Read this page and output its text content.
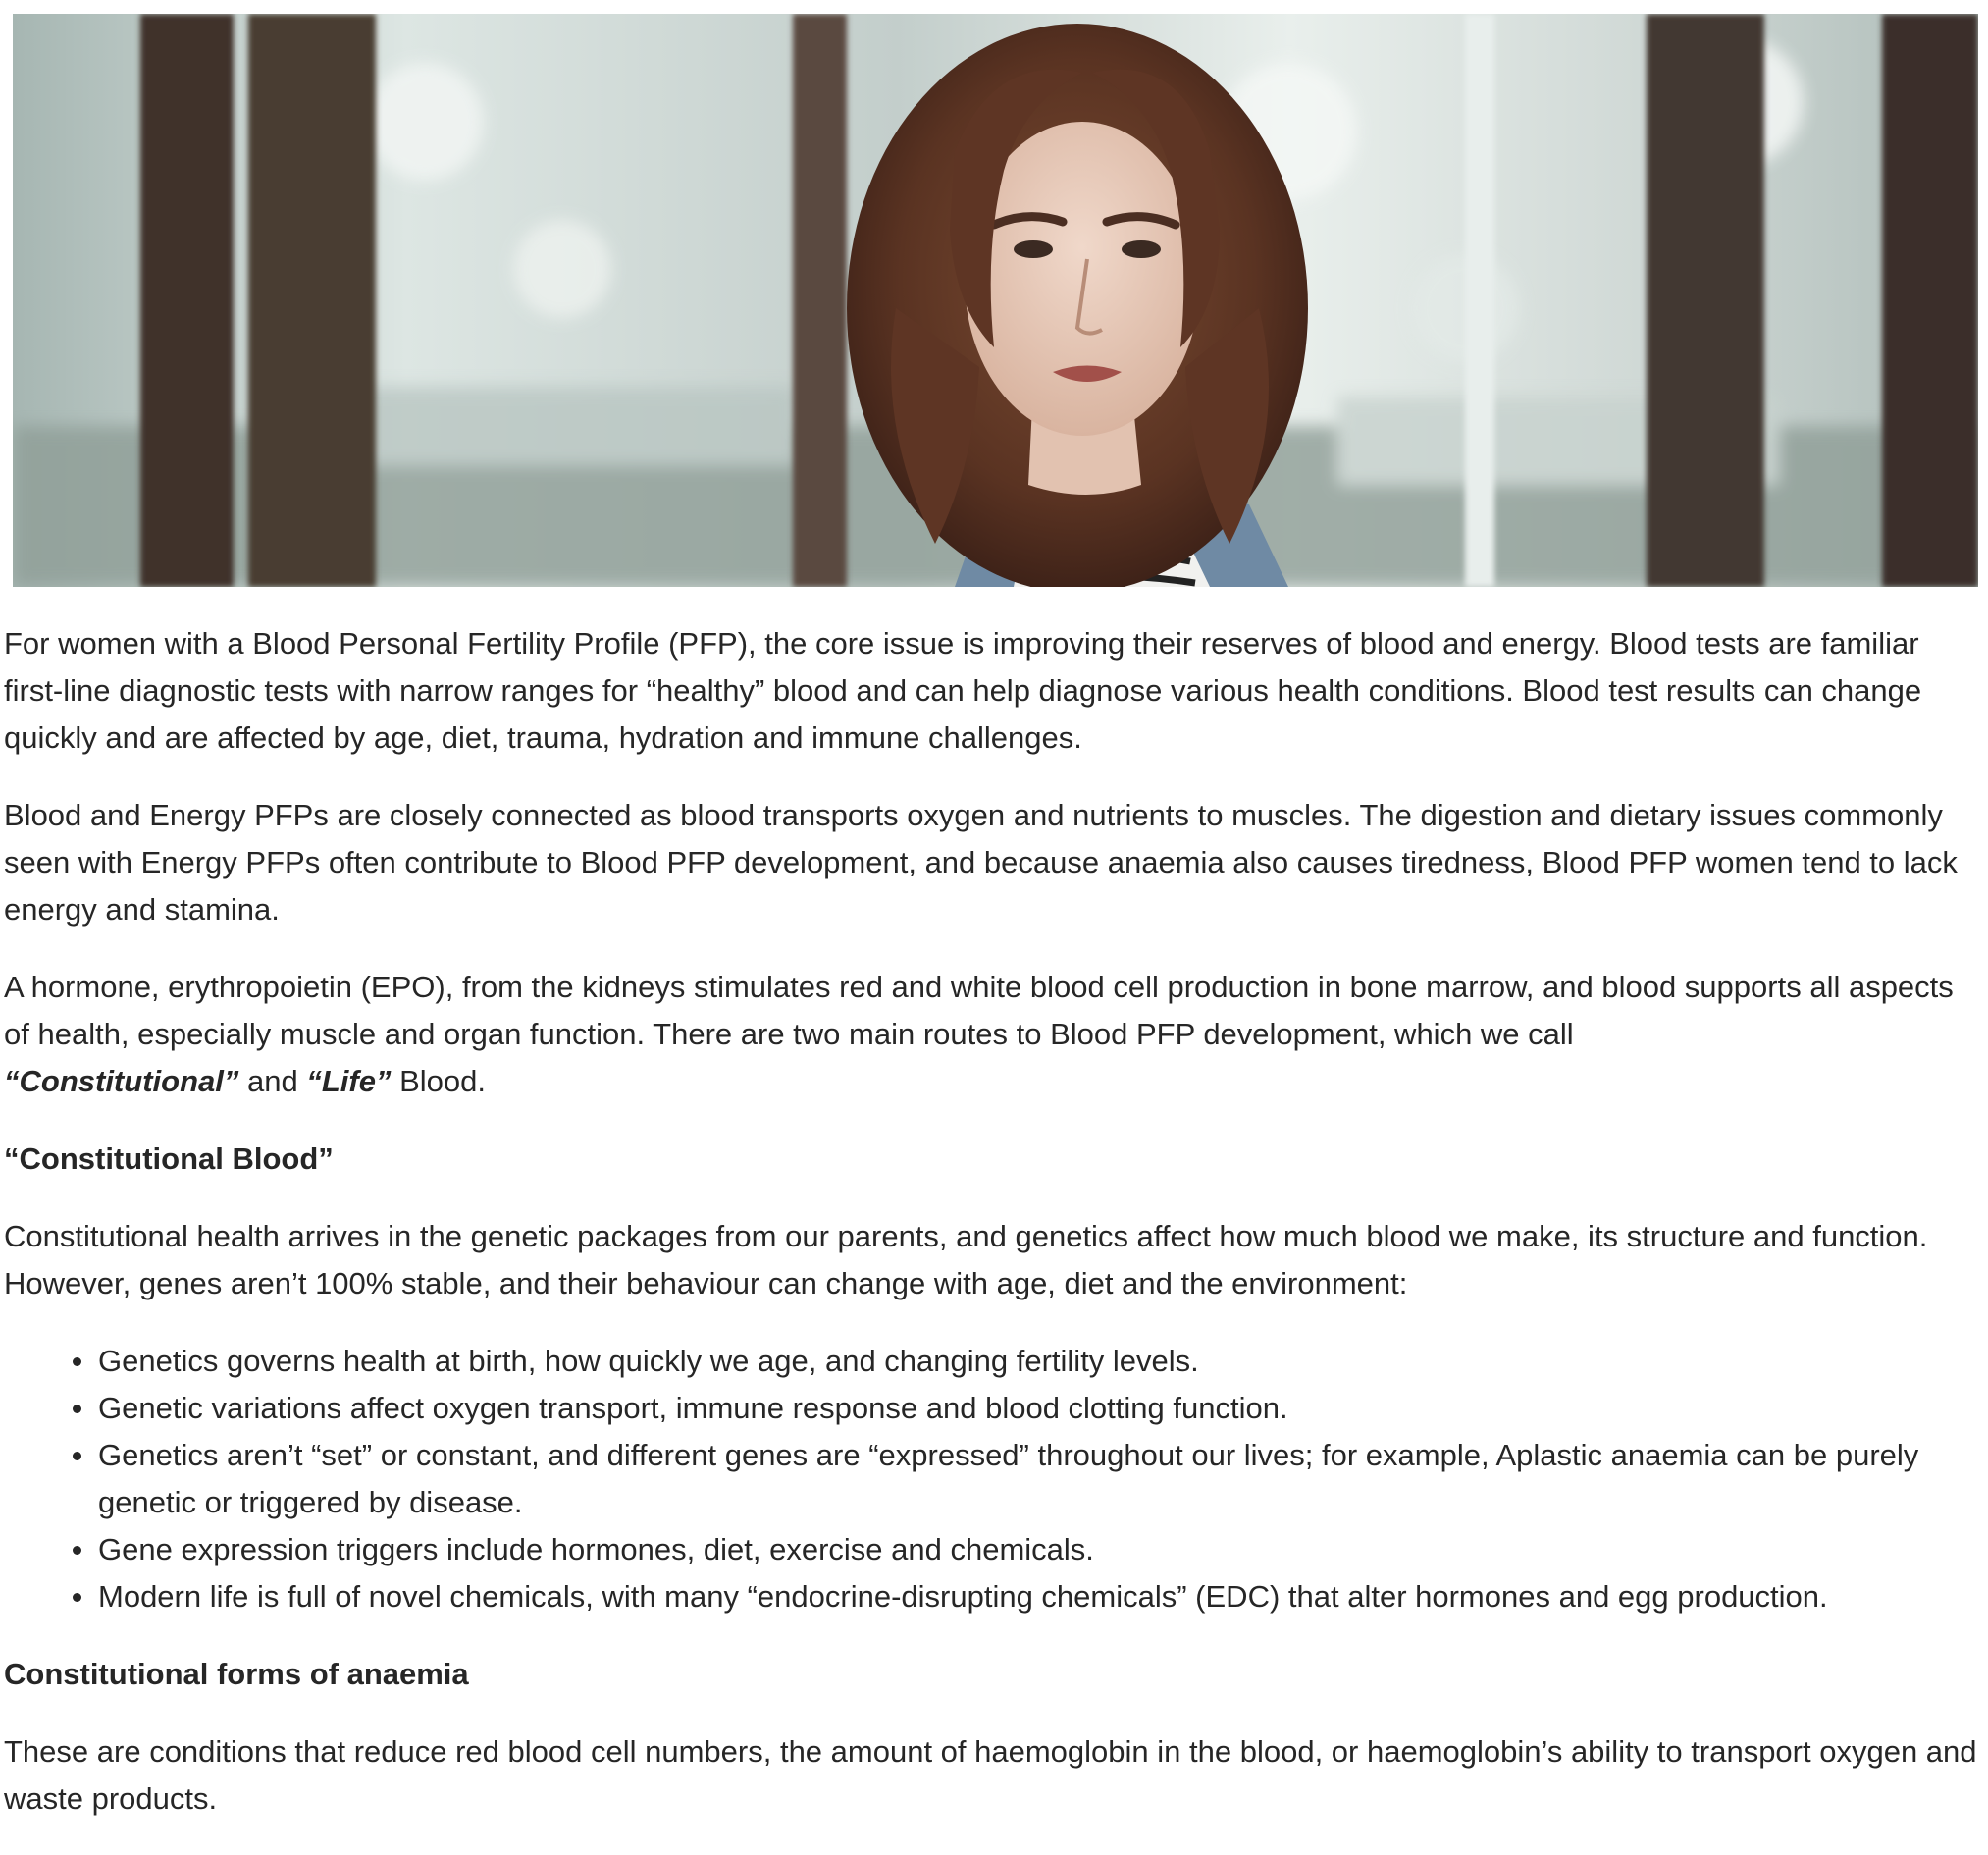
For women with a Blood Personal Fertility Profile (PFP), the core issue is improving their reserves of blood and energy. Blood tests are familiar first-line diagnostic tests with narrow ranges for “healthy” blood and can help diagnose various health conditions. Blood test results can change quickly and are affected by age, diet, trauma, hydration and immune challenges.

Blood and Energy PFPs are closely connected as blood transports oxygen and nutrients to muscles. The digestion and dietary issues commonly seen with Energy PFPs often contribute to Blood PFP development, and because anaemia also causes tiredness, Blood PFP women tend to lack energy and stamina.

A hormone, erythropoietin (EPO), from the kidneys stimulates red and white blood cell production in bone marrow, and blood supports all aspects of health, especially muscle and organ function. There are two main routes to Blood PFP development, which we call
“Constitutional” and “Life” Blood.

“Constitutional Blood”

Constitutional health arrives in the genetic packages from our parents, and genetics affect how much blood we make, its structure and function. However, genes aren’t 100% stable, and their behaviour can change with age, diet and the environment:

Genetics governs health at birth, how quickly we age, and changing fertility levels.
Genetic variations affect oxygen transport, immune response and blood clotting function.
Genetics aren’t “set” or constant, and different genes are “expressed” throughout our lives; for example, Aplastic anaemia can be purely genetic or triggered by disease.
Gene expression triggers include hormones, diet, exercise and chemicals.
Modern life is full of novel chemicals, with many “endocrine-disrupting chemicals” (EDC) that alter hormones and egg production.
Constitutional forms of anaemia

These are conditions that reduce red blood cell numbers, the amount of haemoglobin in the blood, or haemoglobin’s ability to transport oxygen and waste products.
